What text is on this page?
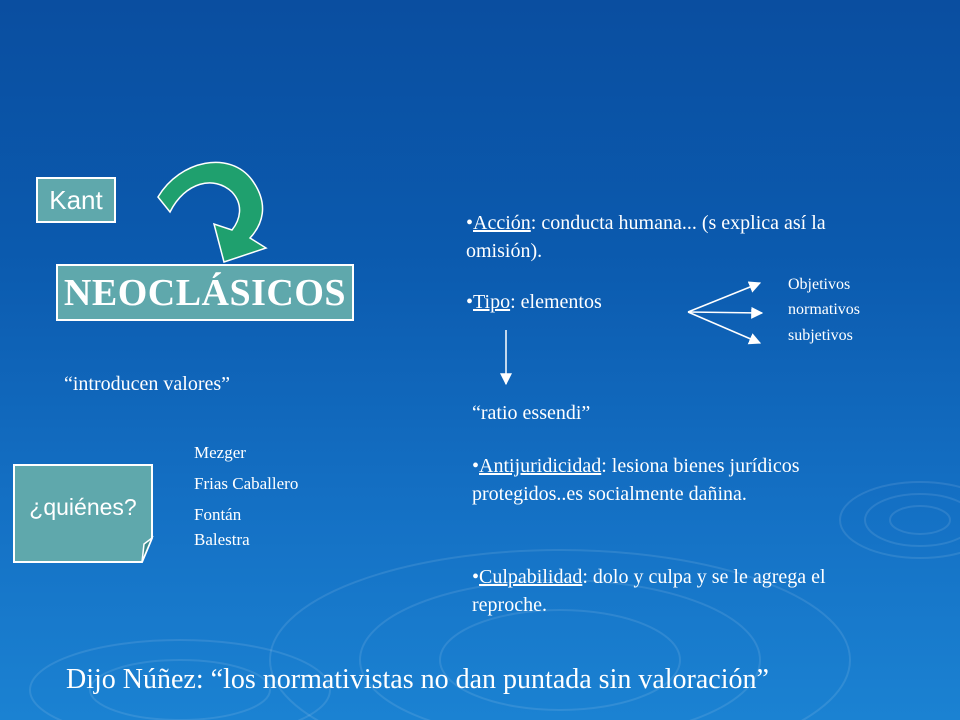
Kant
NEOCLÁSICOS
“introducen valores”
¿quiénes?
Mezger
Frias Caballero
Fontán Balestra
•Acción: conducta humana... (s explica así la omisión).
•Tipo: elementos
Objetivos
normativos
subjetivos
“ratio essendi”
•Antijuridicidad: lesiona bienes jurídicos protegidos..es socialmente dañina.
•Culpabilidad: dolo y culpa y se le agrega el reproche.
Dijo Núñez: “los normativistas no dan puntada sin valoración”
